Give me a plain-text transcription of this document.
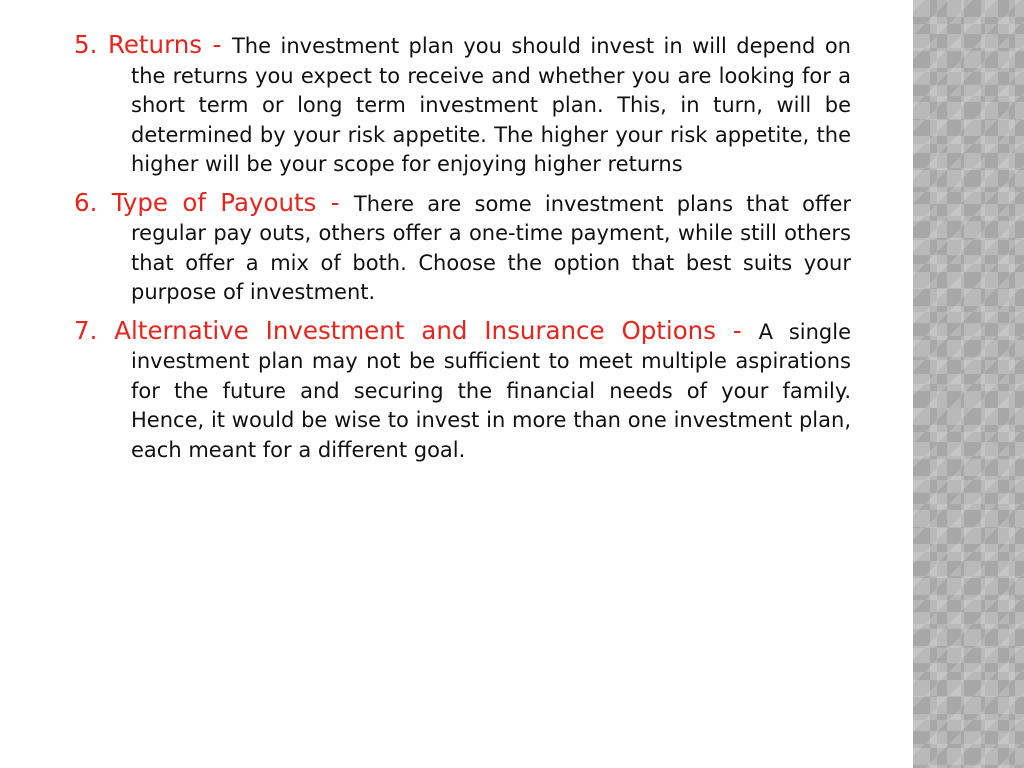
5. Returns - The investment plan you should invest in will depend on the returns you expect to receive and whether you are looking for a short term or long term investment plan. This, in turn, will be determined by your risk appetite. The higher your risk appetite, the higher will be your scope for enjoying higher returns

6. Type of Payouts - There are some investment plans that offer regular pay outs, others offer a one-time payment, while still others that offer a mix of both. Choose the option that best suits your purpose of investment.

7. Alternative Investment and Insurance Options - A single investment plan may not be sufficient to meet multiple aspirations for the future and securing the financial needs of your family. Hence, it would be wise to invest in more than one investment plan, each meant for a different goal.
